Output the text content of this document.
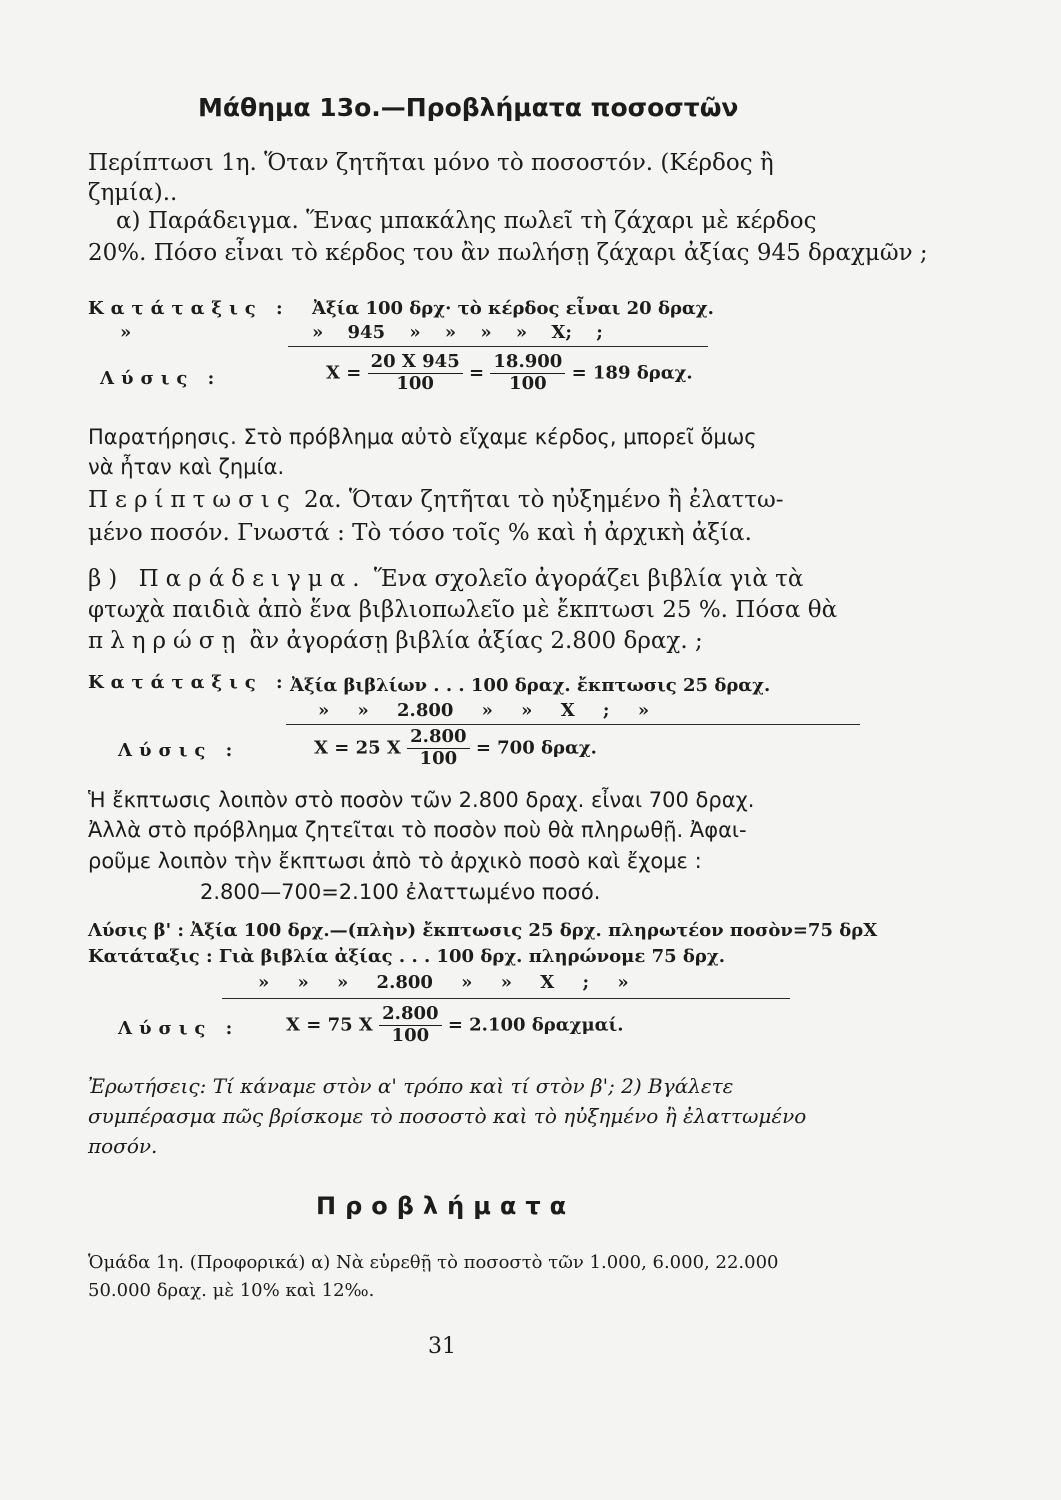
Μάθημα 13ο.—Προβλήματα ποσοστῶν
Περίπτωσι 1η. Ὅταν ζητῆται μόνο τὸ ποσοστόν. (Κέρδος ἢ
ζημία)..
α) Παράδειγμα. Ἕνας μπακάλης πωλεῖ τὴ ζάχαρι μὲ κέρδος
20%. Πόσο εἶναι τὸ κέρδος του ἂν πωλήσῃ ζάχαρι ἀξίας 945 δραχμῶν ;
Κατάταξις : Ἀξία 100 δρχ· τὸ κέρδος εἶναι 20 δραχ.
»	» 945 » » » » X; ;
Λύσις :	$X = \frac{20 X 945}{100} = \frac{18.900}{100} = 189$ δραχ.
Παρατήρησις. Στὸ πρόβλημα αὐτὸ εἴχαμε κέρδος, μπορεῖ ὅμως
νὰ ἦταν καὶ ζημία.
Περίπτωσις 2α. Ὅταν ζητῆται τὸ ηὐξημένο ἢ ἐλαττω-
μένο ποσόν. Γνωστά : Τὸ τόσο τοῖς % καὶ ἡ ἀρχικὴ ἀξία.
β) Παράδειγμα. Ἕνα σχολεῖο ἀγοράζει βιβλία γιὰ τὰ
φτωχὰ παιδιὰ ἀπὸ ἕνα βιβλιοπωλεῖο μὲ ἔκπτωσι 25 %. Πόσα θὰ
πληρώσῃ ἂν ἀγοράσῃ βιβλία ἀξίας 2.800 δραχ. ;
Κατάταξις : Ἀξία βιβλίων . . . 100 δραχ. ἔκπτωσις 25 δραχ.
» » 2.800 » » X ; »
Λύσις :	X = 25 X $\frac{2.800}{100} = 700$ δραχ.
Ἡ ἔκπτωσις λοιπὸν στὸ ποσὸν τῶν 2.800 δραχ. εἶναι 700 δραχ.
Ἀλλὰ στὸ πρόβλημα ζητεῖται τὸ ποσὸν ποὺ θὰ πληρωθῇ. Ἀφαι-
ροῦμε λοιπὸν τὴν ἔκπτωσι ἀπὸ τὸ ἀρχικὸ ποσὸ καὶ ἔχομε :
2.800—700=2.100 ἐλαττωμένο ποσό.
Λύσις β' : Ἀξία 100 δρχ.—(πλὴν) ἔκπτωσις 25 δρχ. πληρωτέον ποσὸν=75 δρΧ
Κατάταξις : Γιὰ βιβλία ἀξίας . . . 100 δρχ. πληρώνομε 75 δρχ.
» » » 2.800 » » X ; »
Λύσις :	X = 75 X $\frac{2.800}{100} = 2.100$ δραχμαί.
Ἐρωτήσεις: Τί κάναμε στὸν α' τρόπο καὶ τί στὸν β'; 2) Βγάλετε
συμπέρασμα πῶς βρίσκομε τὸ ποσοστὸ καὶ τὸ ηὐξημένο ἢ ἐλαττωμένο
ποσόν.
Προβλήματα
Ὁμάδα 1η. (Προφορικά) α) Νὰ εὑρεθῇ τὸ ποσοστὸ τῶν 1.000, 6.000, 22.000
50.000 δραχ. μὲ 10% καὶ 12‰.
31
